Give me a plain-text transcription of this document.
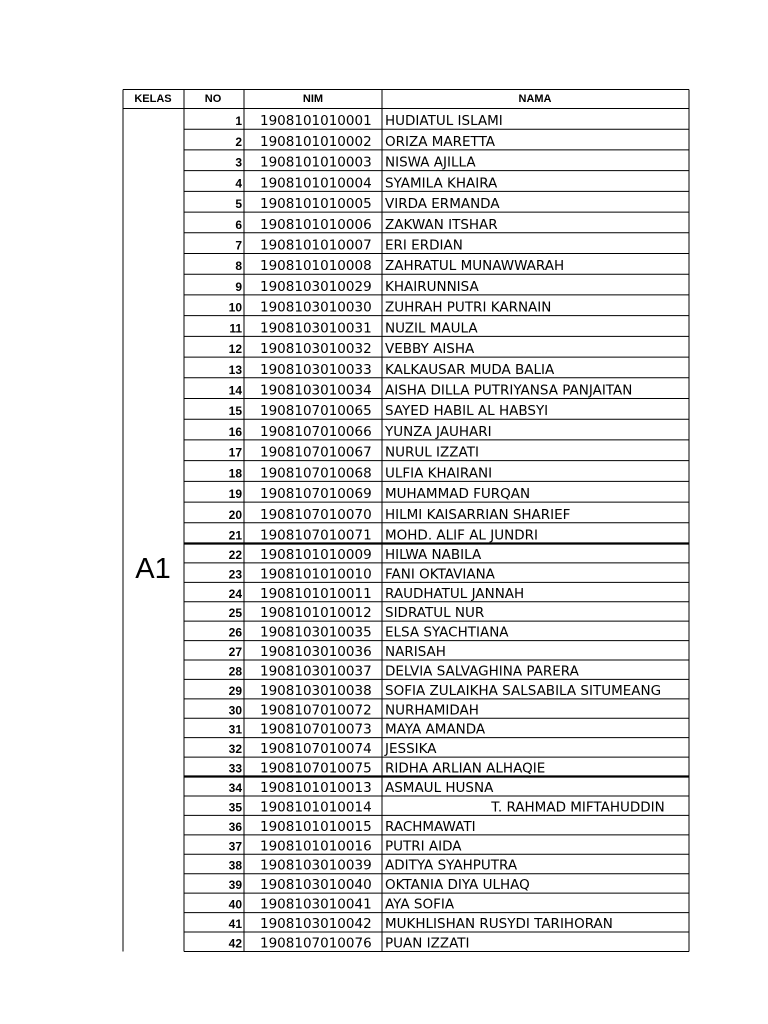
KELAS	NO	NIM	NAMA
A1
1 1908101010001 HUDIATUL ISLAMI
2 1908101010002 ORIZA MARETTA
3 1908101010003 NISWA AJILLA
4 1908101010004 SYAMILA KHAIRA
5 1908101010005 VIRDA ERMANDA
6 1908101010006 ZAKWAN ITSHAR
7 1908101010007 ERI ERDIAN
8 1908101010008 ZAHRATUL MUNAWWARAH
9 1908103010029 KHAIRUNNISA
10 1908103010030 ZUHRAH PUTRI KARNAIN
11 1908103010031 NUZIL MAULA
12 1908103010032 VEBBY AISHA
13 1908103010033 KALKAUSAR MUDA BALIA
14 1908103010034 AISHA DILLA PUTRIYANSA PANJAITAN
15 1908107010065 SAYED HABIL AL HABSYI
16 1908107010066 YUNZA JAUHARI
17 1908107010067 NURUL IZZATI
18 1908107010068 ULFIA KHAIRANI
19 1908107010069 MUHAMMAD FURQAN
20 1908107010070 HILMI KAISARRIAN SHARIEF
21 1908107010071 MOHD. ALIF AL JUNDRI
22 1908101010009 HILWA NABILA
23 1908101010010 FANI OKTAVIANA
24 1908101010011 RAUDHATUL JANNAH
25 1908101010012 SIDRATUL NUR
26 1908103010035 ELSA SYACHTIANA
27 1908103010036 NARISAH
28 1908103010037 DELVIA SALVAGHINA PARERA
29 1908103010038 SOFIA ZULAIKHA SALSABILA SITUMEANG
30 1908107010072 NURHAMIDAH
31 1908107010073 MAYA AMANDA
32 1908107010074 JESSIKA
33 1908107010075 RIDHA ARLIAN ALHAQIE
34 1908101010013 ASMAUL HUSNA
35 1908101010014	T. RAHMAD MIFTAHUDDIN
36 1908101010015 RACHMAWATI
37 1908101010016 PUTRI AIDA
38 1908103010039 ADITYA SYAHPUTRA
39 1908103010040 OKTANIA DIYA ULHAQ
40 1908103010041 AYA SOFIA
41 1908103010042 MUKHLISHAN RUSYDI TARIHORAN
42 1908107010076 PUAN IZZATI
